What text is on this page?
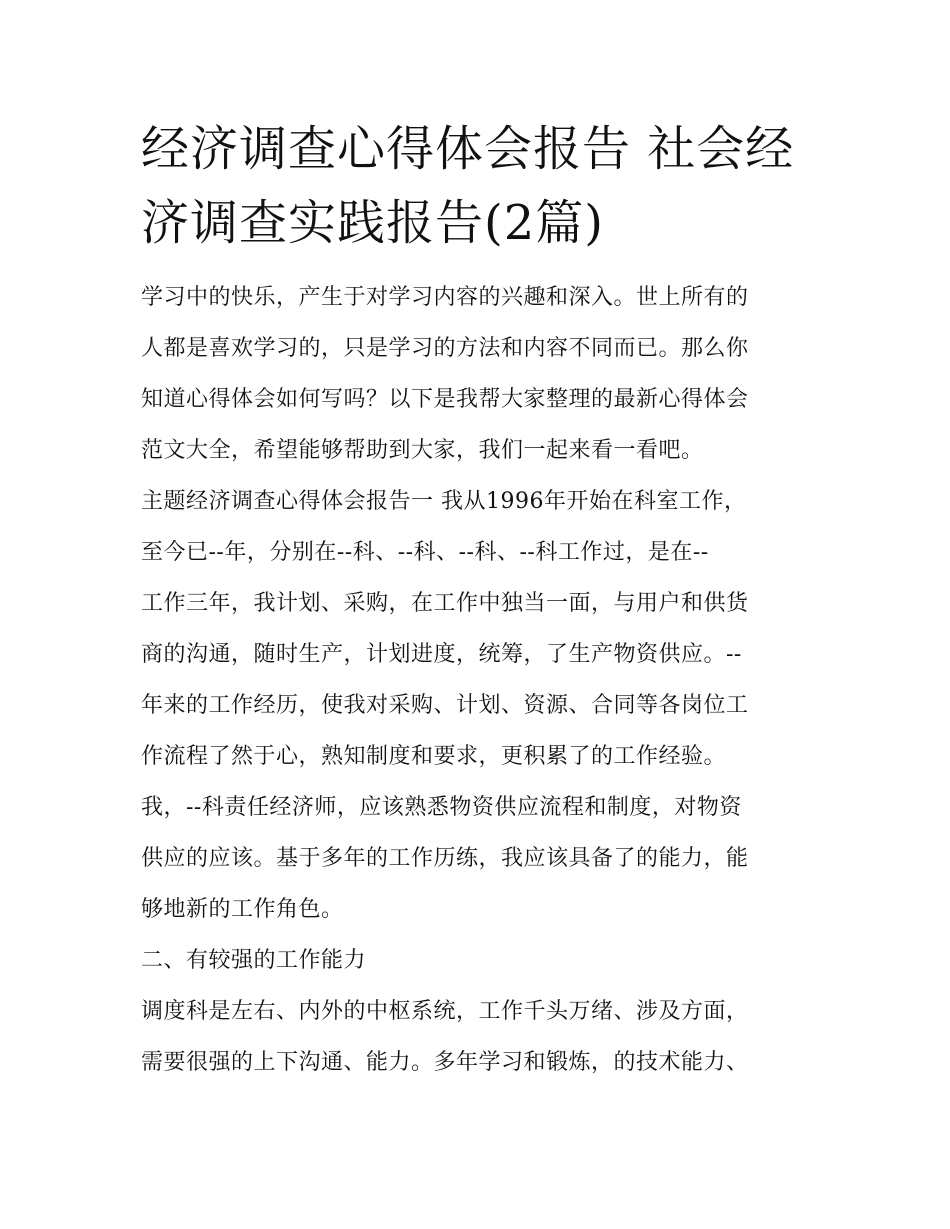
经济调查心得体会报告 社会经
济调查实践报告(2篇)
学习中的快乐，产生于对学习内容的兴趣和深入。世上所有的
人都是喜欢学习的，只是学习的方法和内容不同而已。那么你
知道心得体会如何写吗？以下是我帮大家整理的最新心得体会
范文大全，希望能够帮助到大家，我们一起来看一看吧。
主题经济调查心得体会报告一 我从1996年开始在科室工作，
至今已--年，分别在--科、--科、--科、--科工作过，是在--
工作三年，我计划、采购，在工作中独当一面，与用户和供货
商的沟通，随时生产，计划进度，统筹，了生产物资供应。--
年来的工作经历，使我对采购、计划、资源、合同等各岗位工
作流程了然于心，熟知制度和要求，更积累了的工作经验。
我，--科责任经济师，应该熟悉物资供应流程和制度，对物资
供应的应该。基于多年的工作历练，我应该具备了的能力，能
够地新的工作角色。
二、有较强的工作能力
调度科是左右、内外的中枢系统，工作千头万绪、涉及方面，
需要很强的上下沟通、能力。多年学习和锻炼，的技术能力、
